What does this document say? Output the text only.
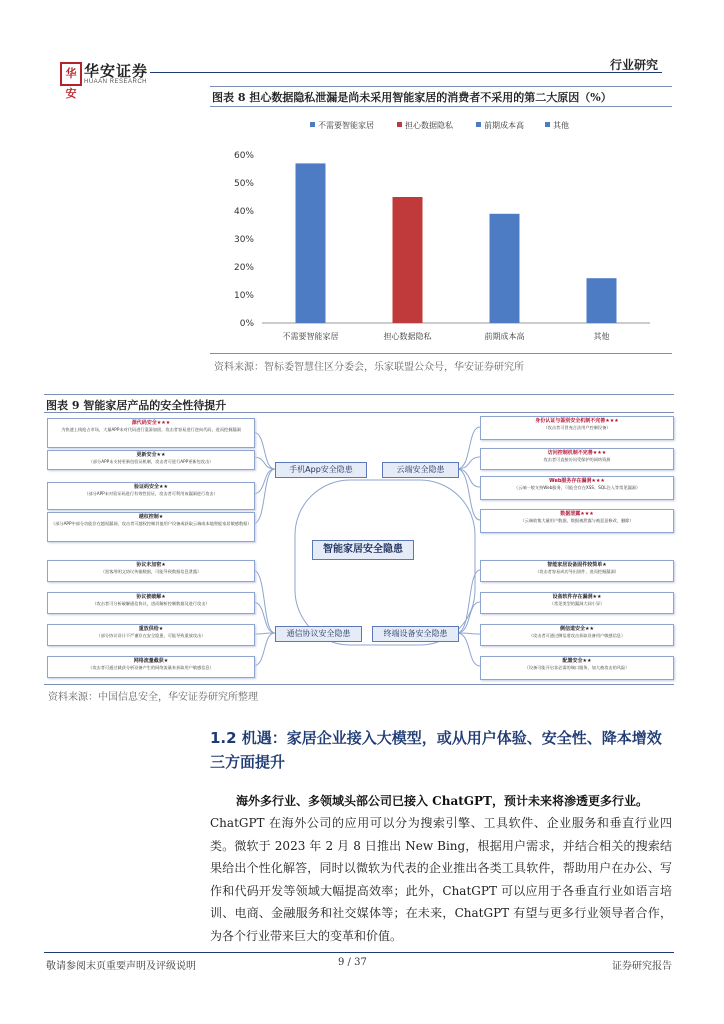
华安
华安证券
HUAAN RESEARCH
行业研究
图表 8 担心数据隐私泄漏是尚未采用智能家居的消费者不采用的第二大原因（%）
不需要智能家居	担心数据隐私	前期成本高	其他
0%
10%
20%
30%
40%
50%
60%
不需要智能家居	担心数据隐私	前期成本高	其他
资料来源：智标委智慧住区分委会，乐家联盟公众号，华安证券研究所
图表 9 智能家居产品的安全性待提升
手机App安全隐患	云端安全隐患
通信协议安全隐患	终端设备安全隐患
智能家居安全隐患
源代码安全★★★
为快速上线抢占市场，大量APP未对代码进行混淆加固，攻击者容易进行逆向代码，进而挖掘漏洞
更新安全★★
（部分APP未支持更新包验证机制，攻击者可进行APP更新包攻击）
验证码安全★★
（部分APP未对验证码进行有效性验证，攻击者可利用该漏洞进行攻击）
越权控制★
（部分APP中部分功能存在越权漏洞，攻击者可越权控制其他用户设备或获取云端或本地智能家居敏感数据）
协议未加密★
（黑客用明文协议传输数据，可能导致数据信息泄露）
协议被破解★
（攻击者可分析破解通信协议，进而解析控制数据及进行攻击）
重放供给★
（部分协议设计不严谨存在安全隐患，可能导致重放攻击）
网络流量截获★
（攻击者可通过截获分析设备产生的网络流量来获取用户敏感信息）
身份认证与鉴别安全机制不完善★★★
（攻击者可冒充合法用户控制设备）
访问控制机制不完善★★★
攻击者可直接访问受保护的网络资源
Web服务存在漏洞★★★
（云端一般支持Web服务，可能会存在XSS、SQL注入等常见漏洞）
数据泄露★★★
（云端收集大量用户数据，数据被泄露与被恶意修改、删除）
智能家居设备固件较简单★
（攻击者容易成功导出固件，进而挖掘漏洞）
设备软件存在漏洞★★
（常见类型的漏洞大同小异）
侧信道安全★★
（攻击者可通过侧信道攻击获取设备用户敏感信息）
配置安全★★
（设备可能开启非必需的端口服务，加大被攻击的风险）
资料来源：中国信息安全，华安证券研究所整理
1.2 机遇：家居企业接入大模型，或从用户体验、安全性、降本增效三方面提升
海外多行业、多领域头部公司已接入 ChatGPT，预计未来将渗透更多行业。
ChatGPT 在海外公司的应用可以分为搜索引擎、工具软件、企业服务和垂直行业四类。微软于 2023 年 2 月 8 日推出 New Bing，根据用户需求，并结合相关的搜索结果给出个性化解答，同时以微软为代表的企业推出各类工具软件，帮助用户在办公、写作和代码开发等领域大幅提高效率；此外，ChatGPT 可以应用于各垂直行业如语言培训、电商、金融服务和社交媒体等；在未来，ChatGPT 有望与更多行业领导者合作，为各个行业带来巨大的变革和价值。
敬请参阅末页重要声明及评级说明	9 / 37	证券研究报告
